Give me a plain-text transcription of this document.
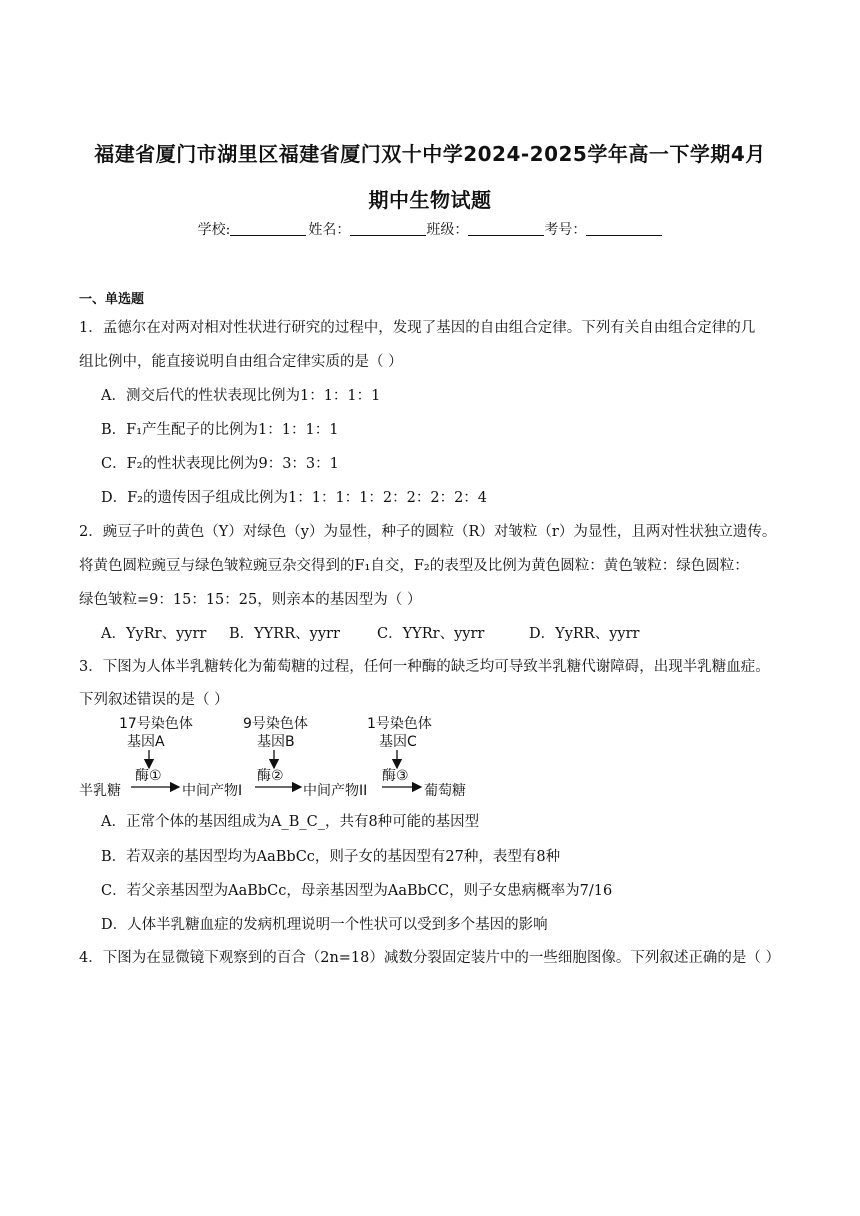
福建省厦门市湖里区福建省厦门双十中学2024-2025学年高一下学期4月
期中生物试题
学校:	姓名：	班级：	考号：
一、单选题
1．孟德尔在对两对相对性状进行研究的过程中，发现了基因的自由组合定律。下列有关自由组合定律的几
组比例中，能直接说明自由组合定律实质的是（ ）
A．测交后代的性状表现比例为1：1：1：1
B．F₁产生配子的比例为1：1：1：1
C．F₂的性状表现比例为9：3：3：1
D．F₂的遗传因子组成比例为1：1：1：1：2：2：2：2：4
2．豌豆子叶的黄色（Y）对绿色（y）为显性，种子的圆粒（R）对皱粒（r）为显性，且两对性状独立遗传。
将黄色圆粒豌豆与绿色皱粒豌豆杂交得到的F₁自交，F₂的表型及比例为黄色圆粒：黄色皱粒：绿色圆粒：
绿色皱粒=9：15：15：25，则亲本的基因型为（ ）
A．YyRr、yyrr B．YYRR、yyrr	C．YYRr、yyrr	D．YyRR、yyrr
3．下图为人体半乳糖转化为葡萄糖的过程，任何一种酶的缺乏均可导致半乳糖代谢障碍，出现半乳糖血症。
下列叙述错误的是（ ）
17号染色体
基因A
酶①
9号染色体
基因B
酶②
1号染色体
基因C
酶③
半乳糖	中间产物I	中间产物II	葡萄糖
A．正常个体的基因组成为A_B_C_，共有8种可能的基因型
B．若双亲的基因型均为AaBbCc，则子女的基因型有27种，表型有8种
C．若父亲基因型为AaBbCc，母亲基因型为AaBbCC，则子女患病概率为7/16
D．人体半乳糖血症的发病机理说明一个性状可以受到多个基因的影响
4．下图为在显微镜下观察到的百合（2n=18）减数分裂固定装片中的一些细胞图像。下列叙述正确的是（ ）
